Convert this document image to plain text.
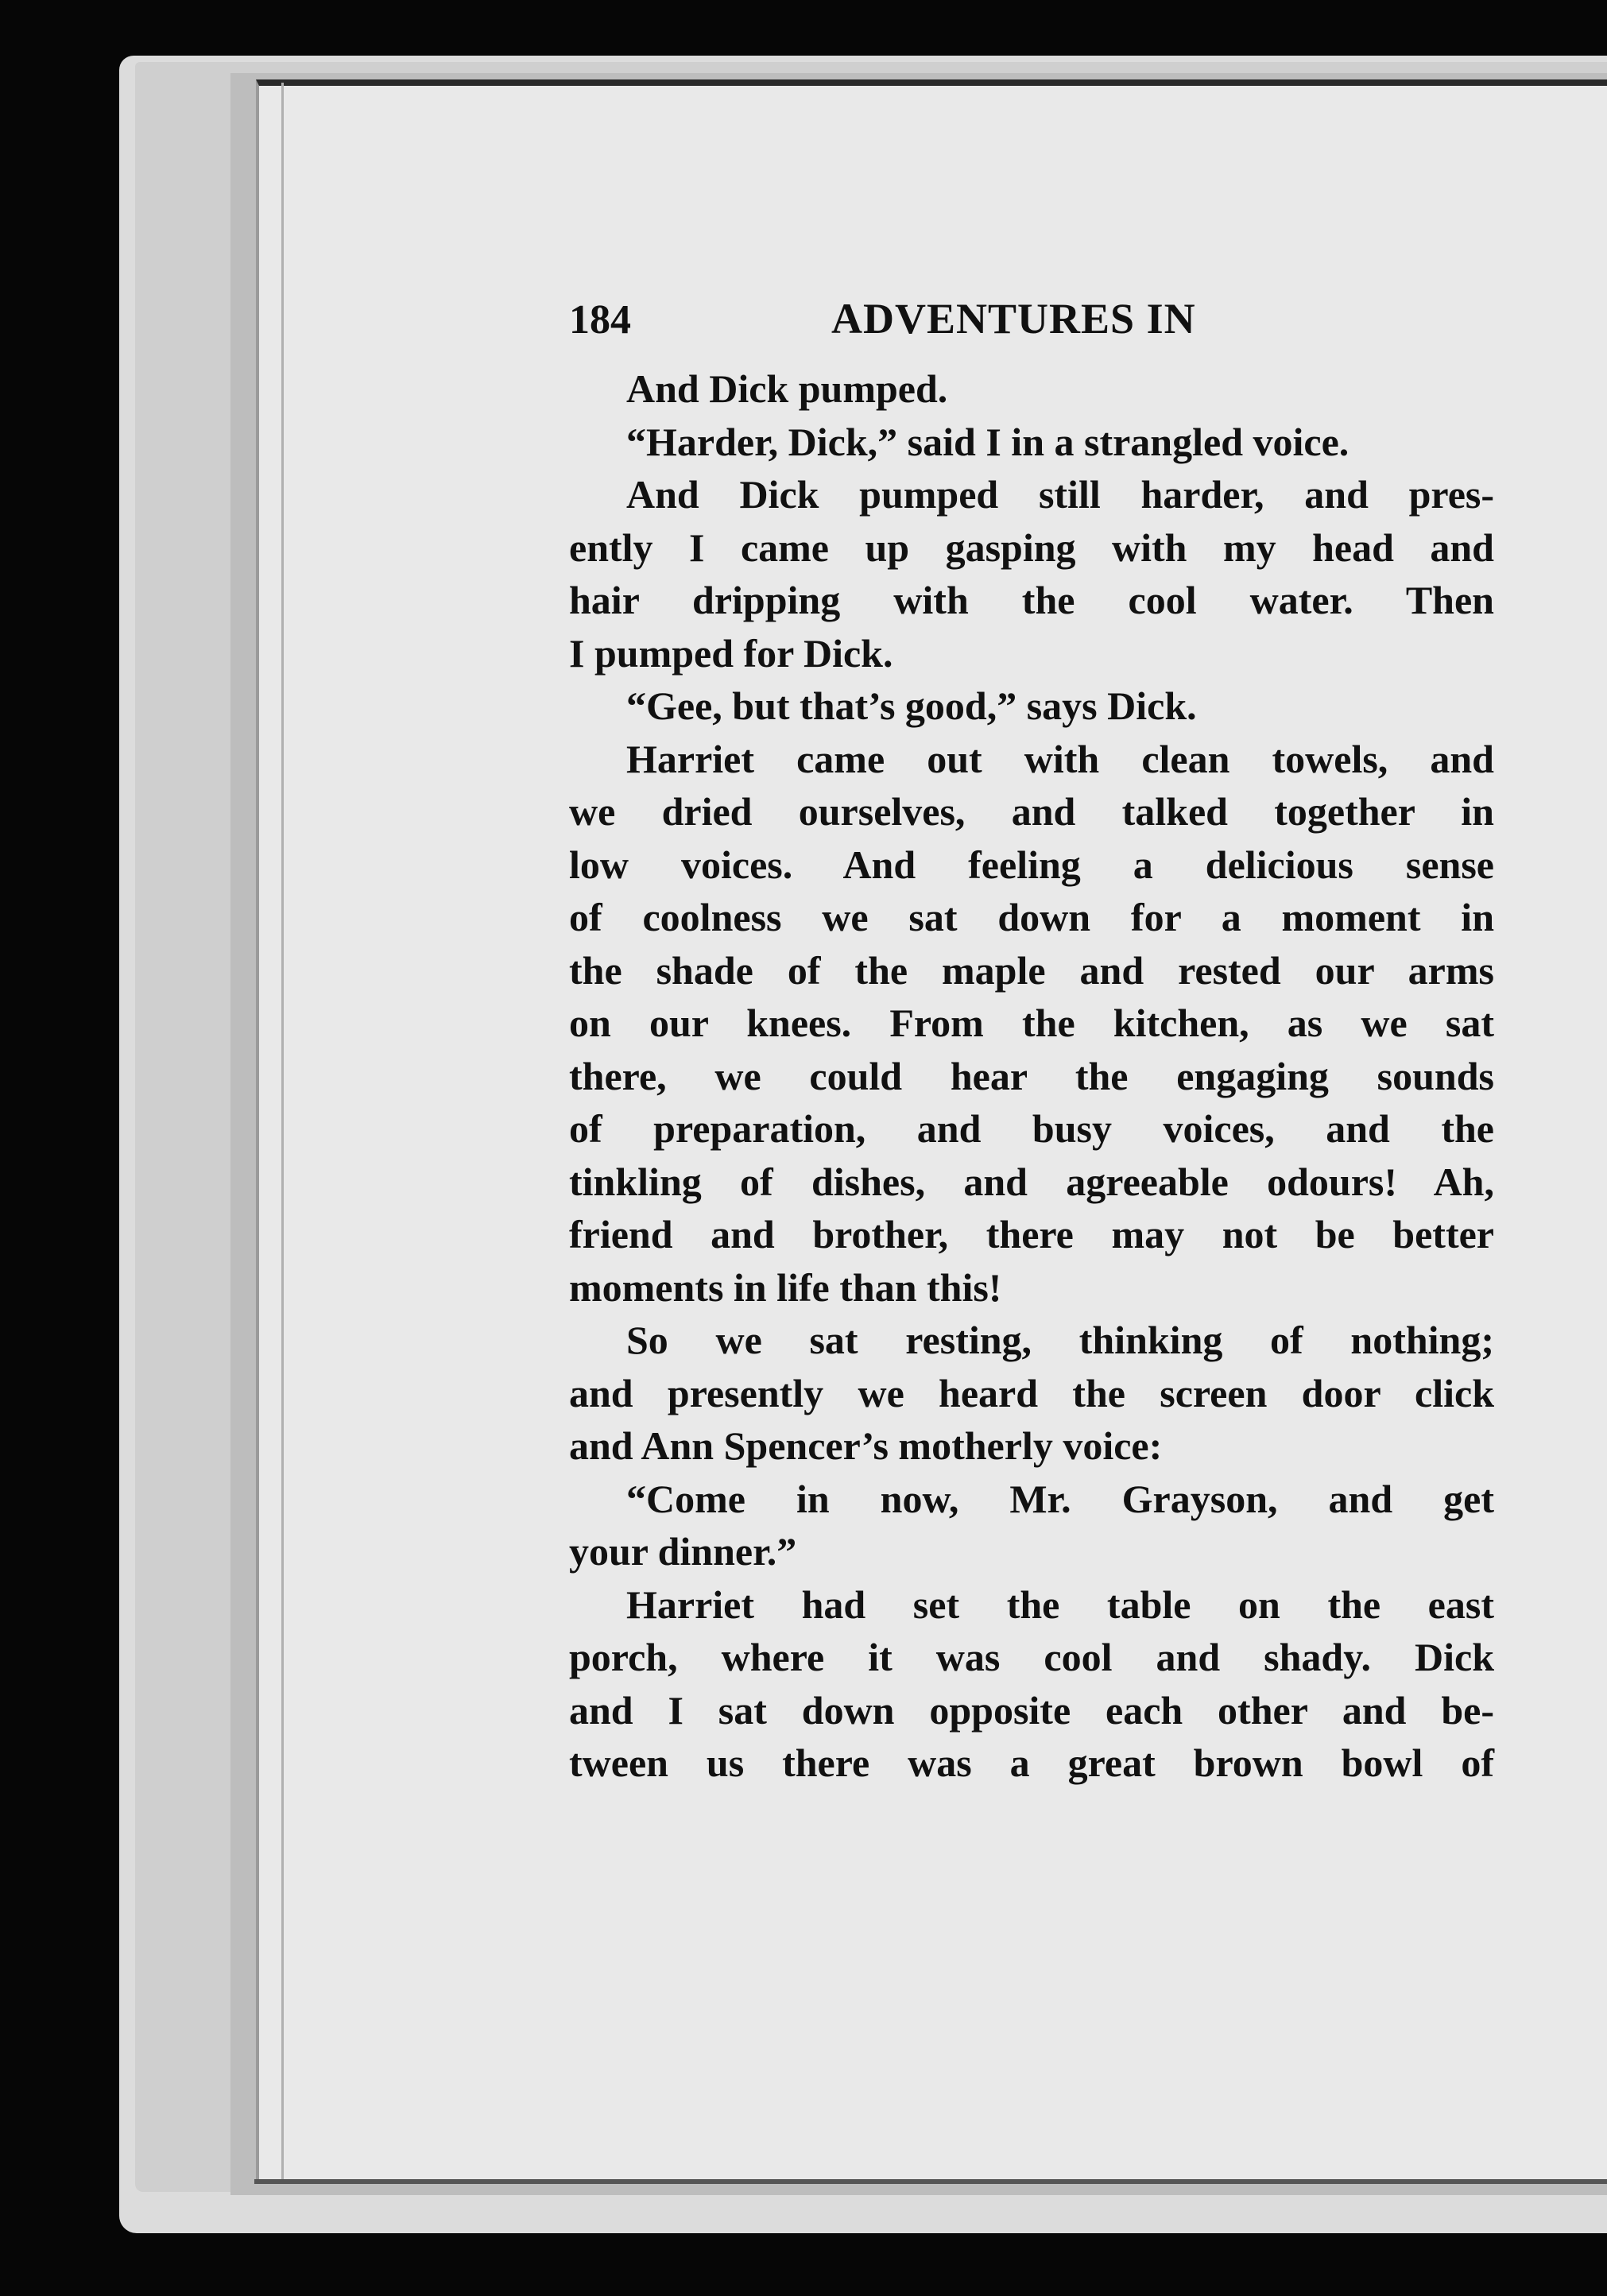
184	ADVENTURES IN
And Dick pumped.
“Harder, Dick,” said I in a strangled voice.
And Dick pumped still harder, and pres-
ently I came up gasping with my head and
hair dripping with the cool water. Then
I pumped for Dick.
“Gee, but that’s good,” says Dick.
Harriet came out with clean towels, and
we dried ourselves, and talked together in
low voices. And feeling a delicious sense
of coolness we sat down for a moment in
the shade of the maple and rested our arms
on our knees. From the kitchen, as we sat
there, we could hear the engaging sounds
of preparation, and busy voices, and the
tinkling of dishes, and agreeable odours! Ah,
friend and brother, there may not be better
moments in life than this!
So we sat resting, thinking of nothing;
and presently we heard the screen door click
and Ann Spencer’s motherly voice:
“Come in now, Mr. Grayson, and get
your dinner.”
Harriet had set the table on the east
porch, where it was cool and shady. Dick
and I sat down opposite each other and be-
tween us there was a great brown bowl of
